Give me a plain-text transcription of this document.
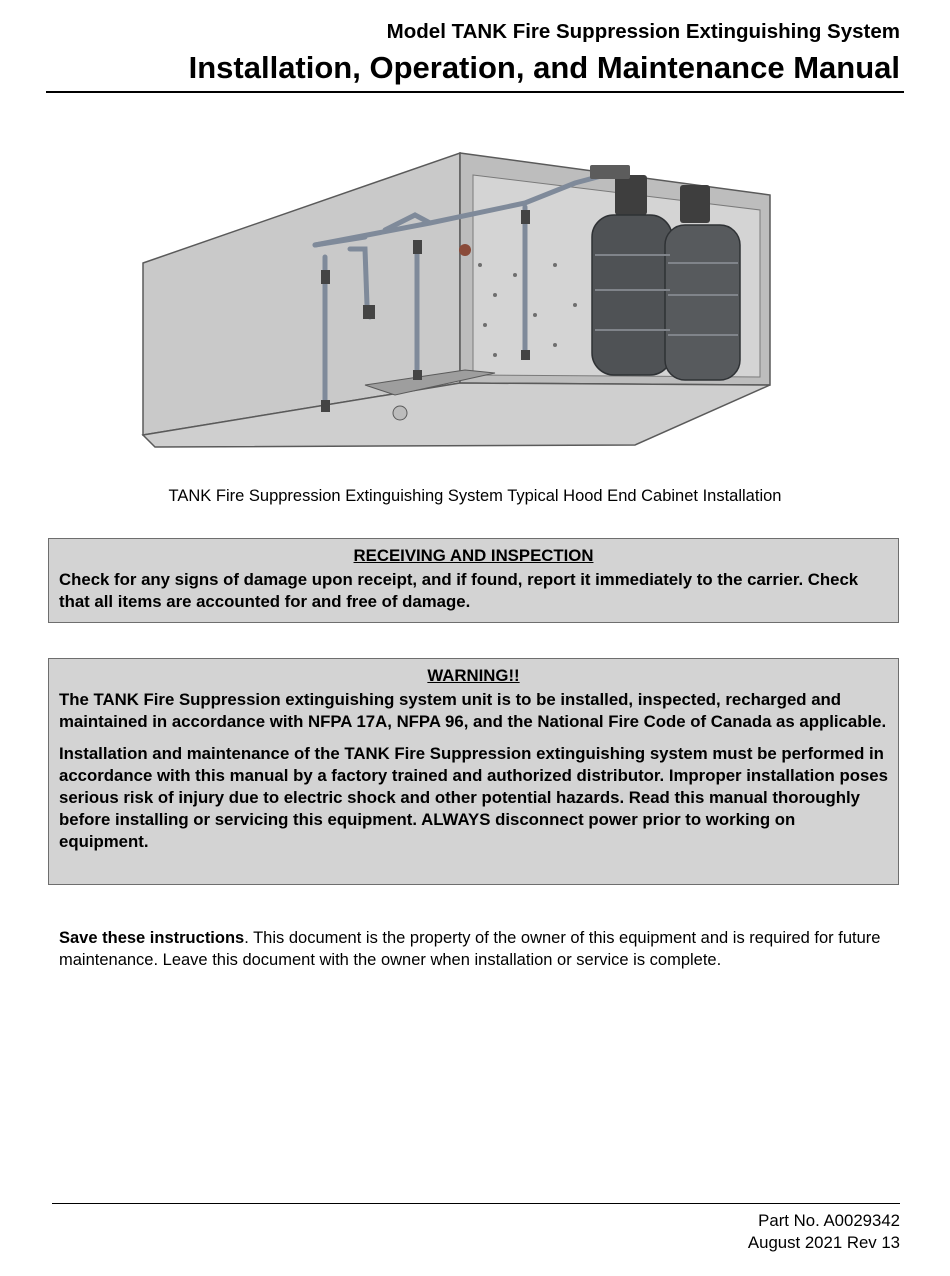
Model TANK Fire Suppression Extinguishing System
Installation, Operation, and Maintenance Manual
TANK Fire Suppression Extinguishing System Typical Hood End Cabinet Installation
RECEIVING AND INSPECTION

Check for any signs of damage upon receipt, and if found, report it immediately to the carrier. Check that all items are accounted for and free of damage.

WARNING!!

The TANK Fire Suppression extinguishing system unit is to be installed, inspected, recharged and maintained in accordance with NFPA 17A, NFPA 96, and the National Fire Code of Canada as applicable.

Installation and maintenance of the TANK Fire Suppression extinguishing system must be performed in accordance with this manual by a factory trained and authorized distributor. Improper installation poses serious risk of injury due to electric shock and other potential hazards. Read this manual thoroughly before installing or servicing this equipment. ALWAYS disconnect power prior to working on equipment.

Save these instructions. This document is the property of the owner of this equipment and is required for future maintenance. Leave this document with the owner when installation or service is complete.
Part No. A0029342
August 2021 Rev 13
